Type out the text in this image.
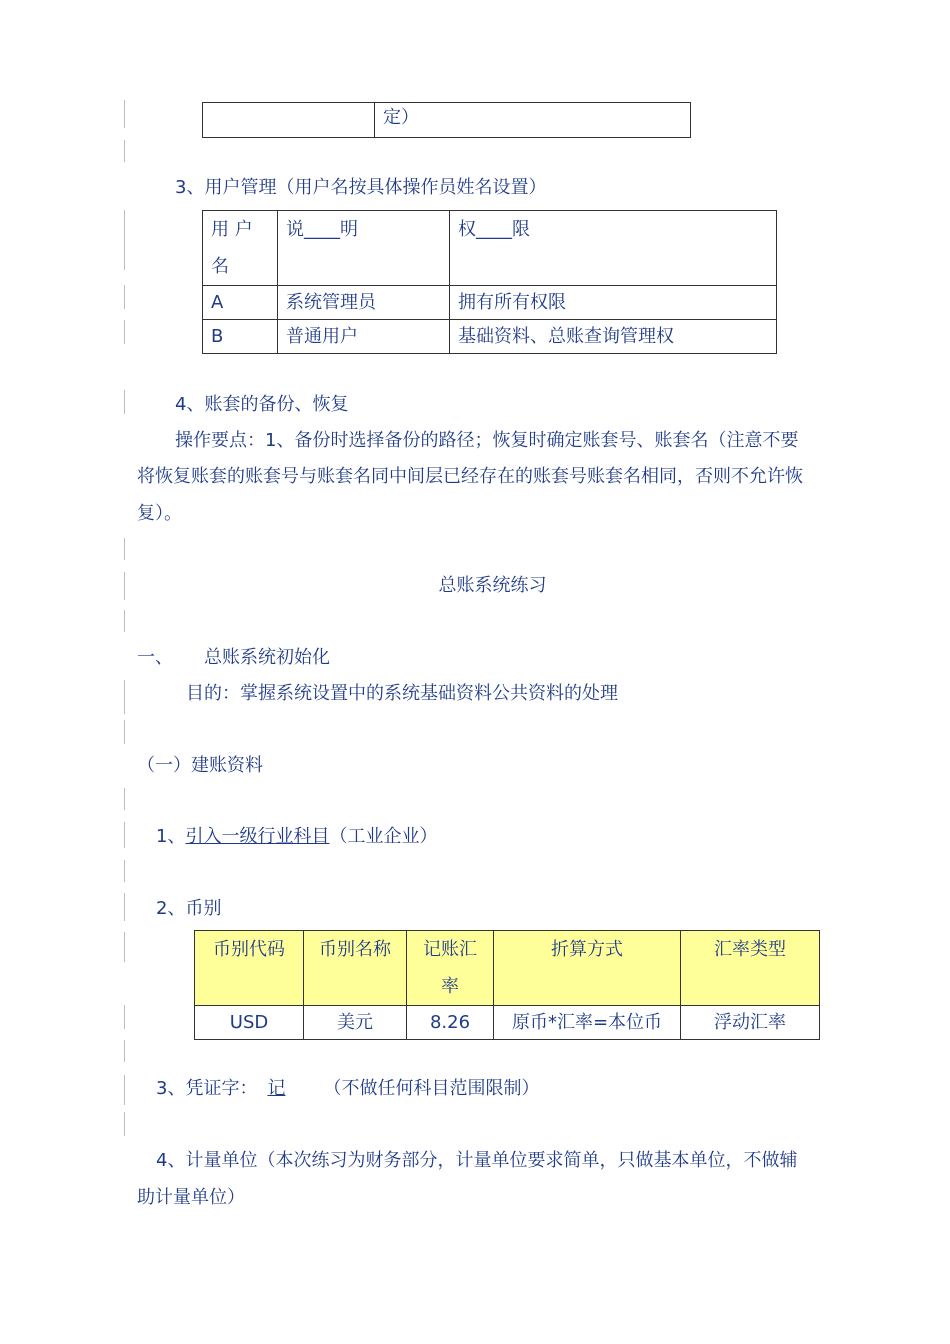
	定）
3、用户管理（用户名按具体操作员姓名设置）
用 户 名	说____明	权____限
A	系统管理员	拥有所有权限
B	普通用户	基础资料、总账查询管理权
4、账套的备份、恢复
操作要点：1、备份时选择备份的路径；恢复时确定账套号、账套名（注意不要
将恢复账套的账套号与账套名同中间层已经存在的账套号账套名相同，否则不允许恢
复）。
总账系统练习
一、 总账系统初始化
目的：掌握系统设置中的系统基础资料公共资料的处理
（一）建账资料
1、引入一级行业科目（工业企业）
2、币别
币别代码	币别名称	记账汇率	折算方式	汇率类型
USD	美元	8.26	原币*汇率=本位币	浮动汇率
3、凭证字： 记 （不做任何科目范围限制）
4、计量单位（本次练习为财务部分，计量单位要求简单，只做基本单位，不做辅
助计量单位）
